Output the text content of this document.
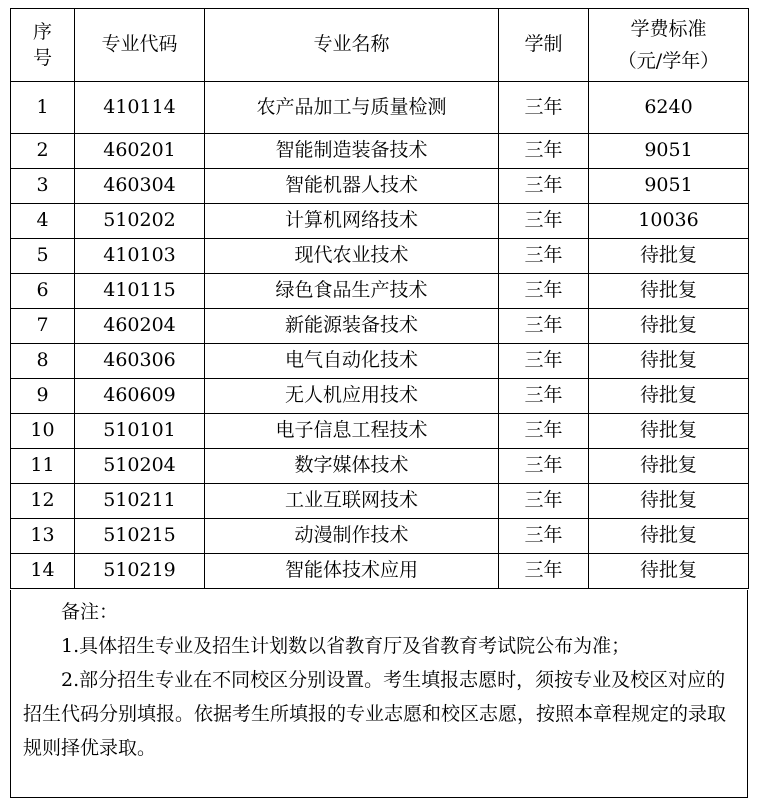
序号	专业代码	专业名称	学制	学费标准
（元/学年）

1	410114	农产品加工与质量检测	三年	6240
2	460201	智能制造装备技术	三年	9051
3	460304	智能机器人技术	三年	9051
4	510202	计算机网络技术	三年	10036
5	410103	现代农业技术	三年	待批复
6	410115	绿色食品生产技术	三年	待批复
7	460204	新能源装备技术	三年	待批复
8	460306	电气自动化技术	三年	待批复
9	460609	无人机应用技术	三年	待批复
10	510101	电子信息工程技术	三年	待批复
11	510204	数字媒体技术	三年	待批复
12	510211	工业互联网技术	三年	待批复
13	510215	动漫制作技术	三年	待批复
14	510219	智能体技术应用	三年	待批复

备注：

1.具体招生专业及招生计划数以省教育厅及省教育考试院公布为准；

2.部分招生专业在不同校区分别设置。考生填报志愿时，须按专业及校区对应的招生代码分别填报。依据考生所填报的专业志愿和校区志愿，按照本章程规定的录取规则择优录取。
